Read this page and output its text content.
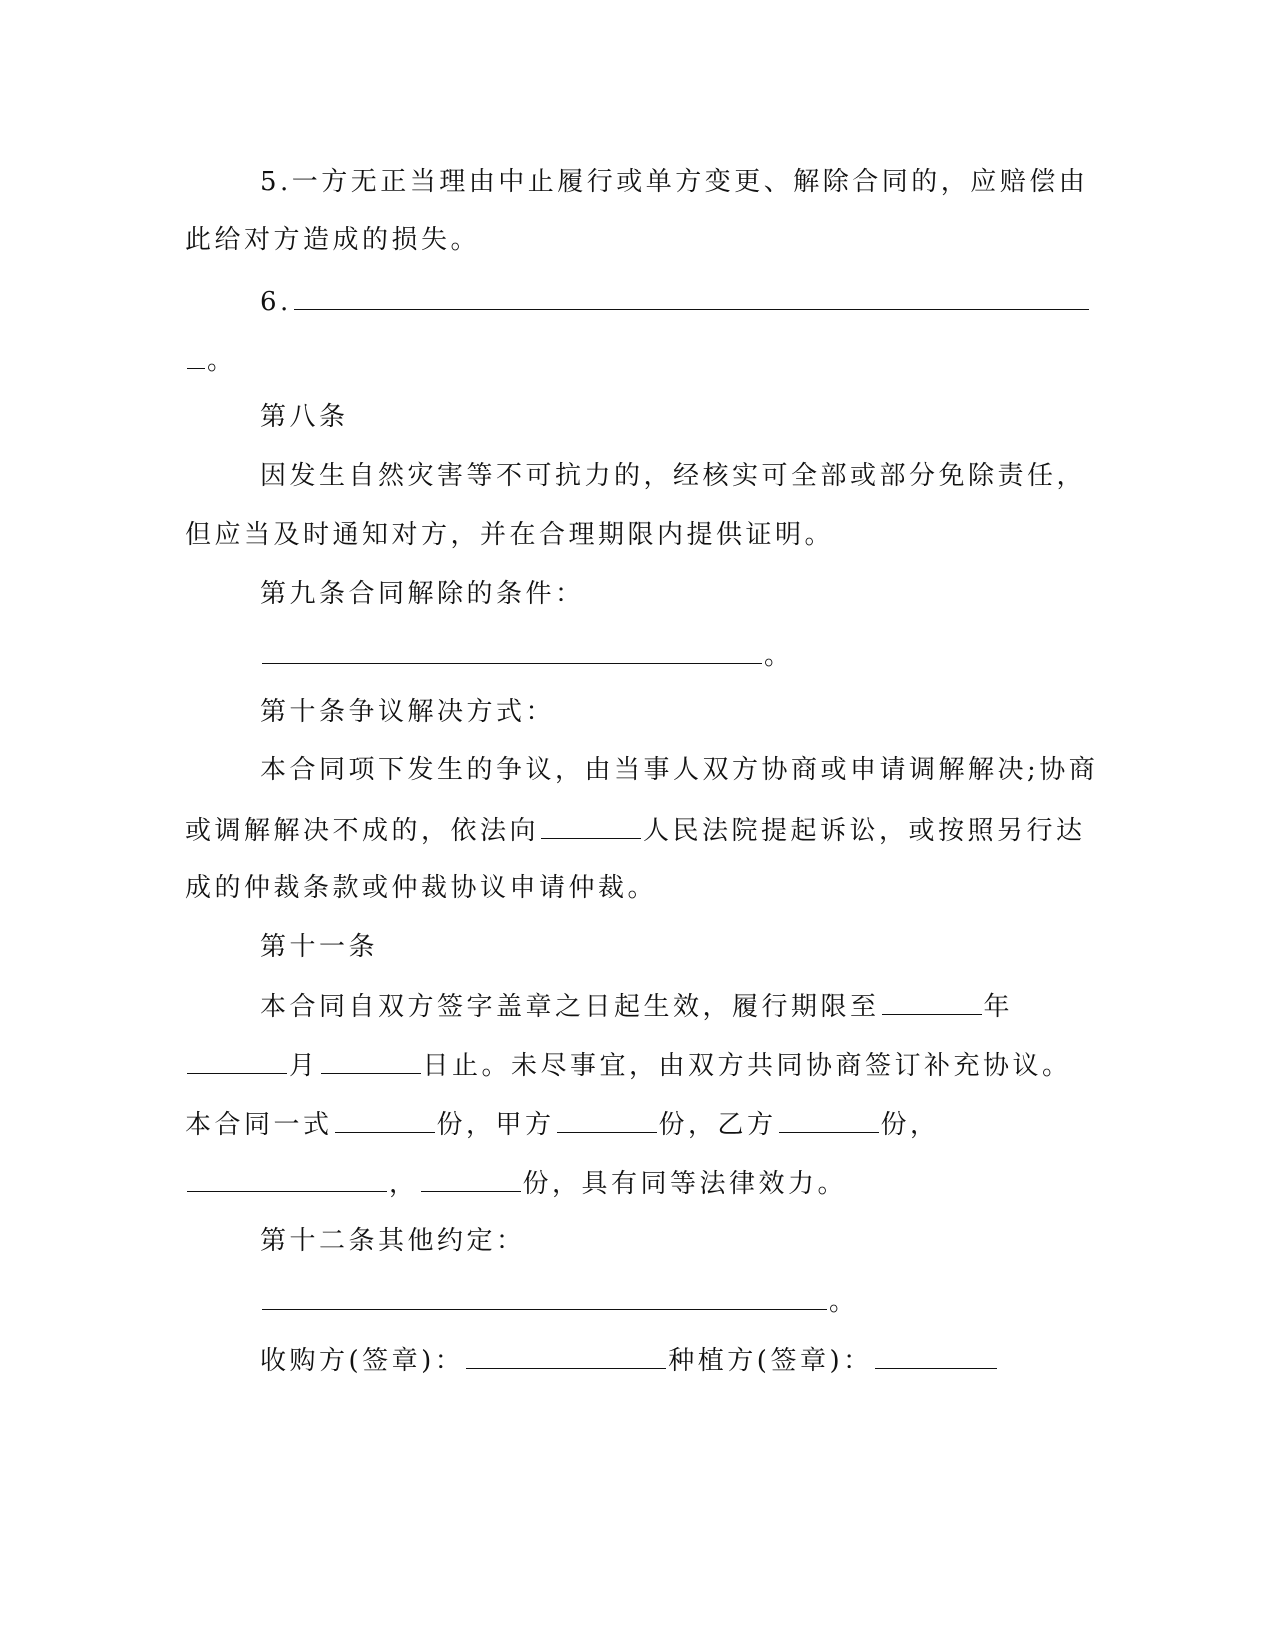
5.一方无正当理由中止履行或单方变更、解除合同的，应赔偿由
此给对方造成的损失。
6.
。
第八条
因发生自然灾害等不可抗力的，经核实可全部或部分免除责任，
但应当及时通知对方，并在合理期限内提供证明。
第九条合同解除的条件：
。
第十条争议解决方式：
本合同项下发生的争议，由当事人双方协商或申请调解解决;协商
或调解解决不成的，依法向	人民法院提起诉讼，或按照另行达
成的仲裁条款或仲裁协议申请仲裁。
第十一条
本合同自双方签字盖章之日起生效，履行期限至	年
月	日止。未尽事宜，由双方共同协商签订补充协议。
本合同一式	份，甲方	份，乙方	份，
，	份，具有同等法律效力。
第十二条其他约定：
。
收购方(签章)：	种植方(签章)：
